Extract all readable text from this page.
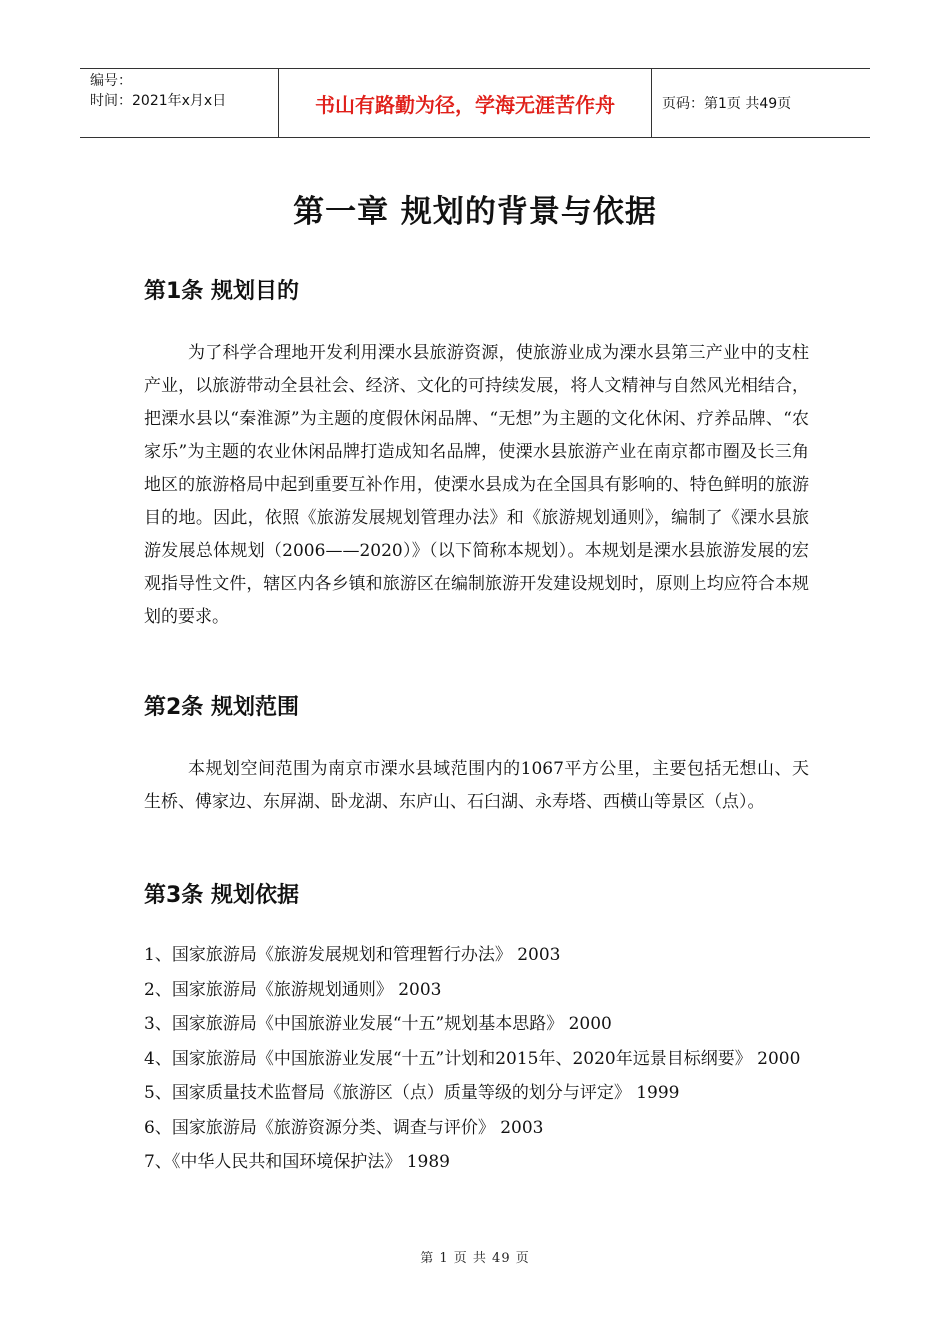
编号：
时间：2021年x月x日	书山有路勤为径，学海无涯苦作舟	页码：第1页 共49页
第一章 规划的背景与依据
第1条 规划目的

为了科学合理地开发利用溧水县旅游资源，使旅游业成为溧水县第三产业中的支柱产业，以旅游带动全县社会、经济、文化的可持续发展，将人文精神与自然风光相结合，把溧水县以“秦淮源”为主题的度假休闲品牌、“无想”为主题的文化休闲、疗养品牌、“农家乐”为主题的农业休闲品牌打造成知名品牌，使溧水县旅游产业在南京都市圈及长三角地区的旅游格局中起到重要互补作用，使溧水县成为在全国具有影响的、特色鲜明的旅游目的地。因此，依照《旅游发展规划管理办法》和《旅游规划通则》，编制了《溧水县旅游发展总体规划（2006——2020）》（以下简称本规划）。本规划是溧水县旅游发展的宏观指导性文件，辖区内各乡镇和旅游区在编制旅游开发建设规划时，原则上均应符合本规划的要求。

第2条 规划范围

本规划空间范围为南京市溧水县域范围内的1067平方公里，主要包括无想山、天生桥、傅家边、东屏湖、卧龙湖、东庐山、石臼湖、永寿塔、西横山等景区（点）。

第3条 规划依据
1、国家旅游局《旅游发展规划和管理暂行办法》 2003
2、国家旅游局《旅游规划通则》 2003
3、国家旅游局《中国旅游业发展“十五”规划基本思路》 2000
4、国家旅游局《中国旅游业发展“十五”计划和2015年、2020年远景目标纲要》 2000
5、国家质量技术监督局《旅游区（点）质量等级的划分与评定》 1999
6、国家旅游局《旅游资源分类、调查与评价》 2003
7、《中华人民共和国环境保护法》 1989
第 1 页 共 49 页
